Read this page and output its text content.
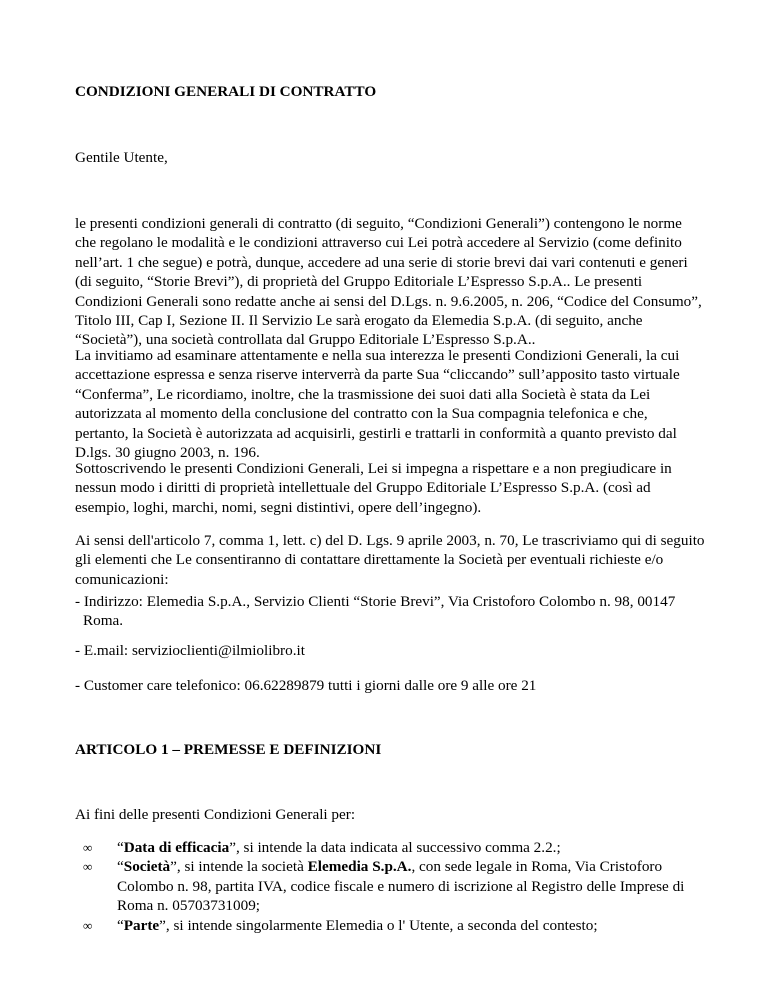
CONDIZIONI GENERALI DI CONTRATTO

Gentile Utente,

le presenti condizioni generali di contratto (di seguito, “Condizioni Generali”) contengono le norme che regolano le modalità e le condizioni attraverso cui Lei potrà accedere al Servizio (come definito nell’art. 1 che segue) e potrà, dunque, accedere ad una serie di storie brevi dai vari contenuti e generi (di seguito, “Storie Brevi”), di proprietà del Gruppo Editoriale L’Espresso S.p.A.. Le presenti Condizioni Generali sono redatte anche ai sensi del D.Lgs. n. 9.6.2005, n. 206, “Codice del Consumo”, Titolo III, Cap I, Sezione II. Il Servizio Le sarà erogato da Elemedia S.p.A. (di seguito, anche “Società”), una società controllata dal Gruppo Editoriale L’Espresso S.p.A..

La invitiamo ad esaminare attentamente e nella sua interezza le presenti Condizioni Generali, la cui accettazione espressa e senza riserve interverrà da parte Sua “cliccando” sull’apposito tasto virtuale “Conferma”, Le ricordiamo, inoltre, che la trasmissione dei suoi dati alla Società è stata da Lei autorizzata al momento della conclusione del contratto con la Sua compagnia telefonica e che, pertanto, la Società è autorizzata ad acquisirli, gestirli e trattarli in conformità a quanto previsto dal D.lgs. 30 giugno 2003, n. 196.

Sottoscrivendo le presenti Condizioni Generali, Lei si impegna a rispettare e a non pregiudicare in nessun modo i diritti di proprietà intellettuale del Gruppo Editoriale L’Espresso S.p.A. (così ad esempio, loghi, marchi, nomi, segni distintivi, opere dell’ingegno).

Ai sensi dell'articolo 7, comma 1, lett. c) del D. Lgs. 9 aprile 2003, n. 70, Le trascriviamo qui di seguito gli elementi che Le consentiranno di contattare direttamente la Società per eventuali richieste e/o comunicazioni:

- Indirizzo: Elemedia S.p.A., Servizio Clienti “Storie Brevi”, Via Cristoforo Colombo n. 98, 00147
Roma.

- E.mail: servizioclienti@ilmiolibro.it

- Customer care telefonico: 06.62289879 tutti i giorni dalle ore 9 alle ore 21

ARTICOLO 1 – PREMESSE E DEFINIZIONI

Ai fini delle presenti Condizioni Generali per:

∞ “Data di efficacia”, si intende la data indicata al successivo comma 2.2.;
∞ “Società”, si intende la società Elemedia S.p.A., con sede legale in Roma, Via Cristoforo Colombo n. 98, partita IVA, codice fiscale e numero di iscrizione al Registro delle Imprese di Roma n. 05703731009;
∞ “Parte”, si intende singolarmente Elemedia o l' Utente, a seconda del contesto;
